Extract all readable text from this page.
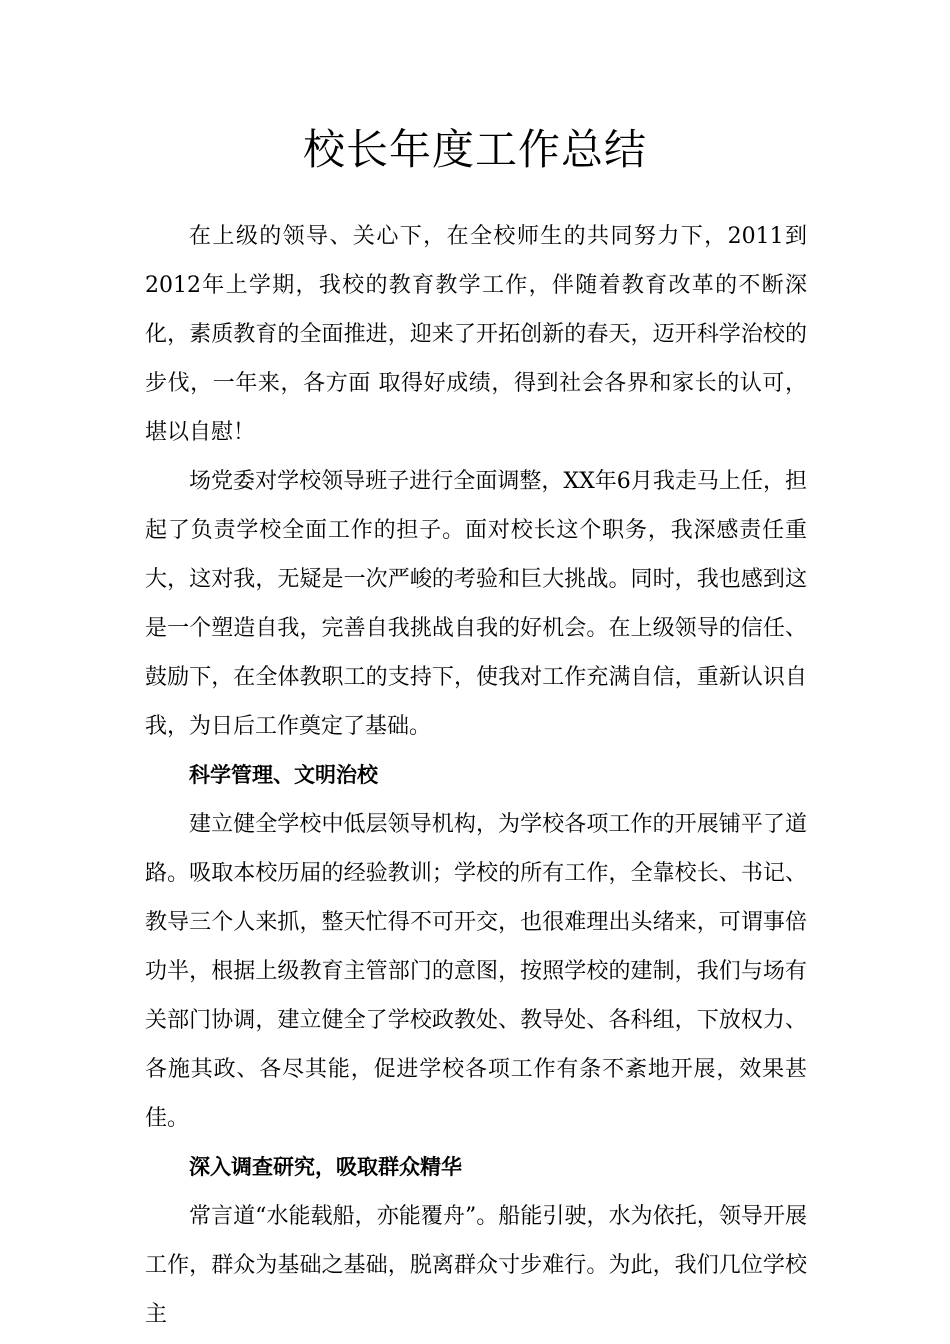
校长年度工作总结

在上级的领导、关心下，在全校师生的共同努力下，2011到2012年上学期，我校的教育教学工作，伴随着教育改革的不断深化，素质教育的全面推进，迎来了开拓创新的春天，迈开科学治校的步伐，一年来，各方面 取得好成绩，得到社会各界和家长的认可，堪以自慰！

场党委对学校领导班子进行全面调整，XX年6月我走马上任，担起了负责学校全面工作的担子。面对校长这个职务，我深感责任重大，这对我，无疑是一次严峻的考验和巨大挑战。同时，我也感到这是一个塑造自我，完善自我挑战自我的好机会。在上级领导的信任、鼓励下，在全体教职工的支持下，使我对工作充满自信，重新认识自我，为日后工作奠定了基础。

科学管理、文明治校

建立健全学校中低层领导机构，为学校各项工作的开展铺平了道路。吸取本校历届的经验教训；学校的所有工作，全靠校长、书记、教导三个人来抓，整天忙得不可开交，也很难理出头绪来，可谓事倍功半，根据上级教育主管部门的意图，按照学校的建制，我们与场有关部门协调，建立健全了学校政教处、教导处、各科组，下放权力、各施其政、各尽其能，促进学校各项工作有条不紊地开展，效果甚佳。

深入调查研究，吸取群众精华

常言道“水能载船，亦能覆舟”。船能引驶，水为依托，领导开展工作，群众为基础之基础，脱离群众寸步难行。为此，我们几位学校主
